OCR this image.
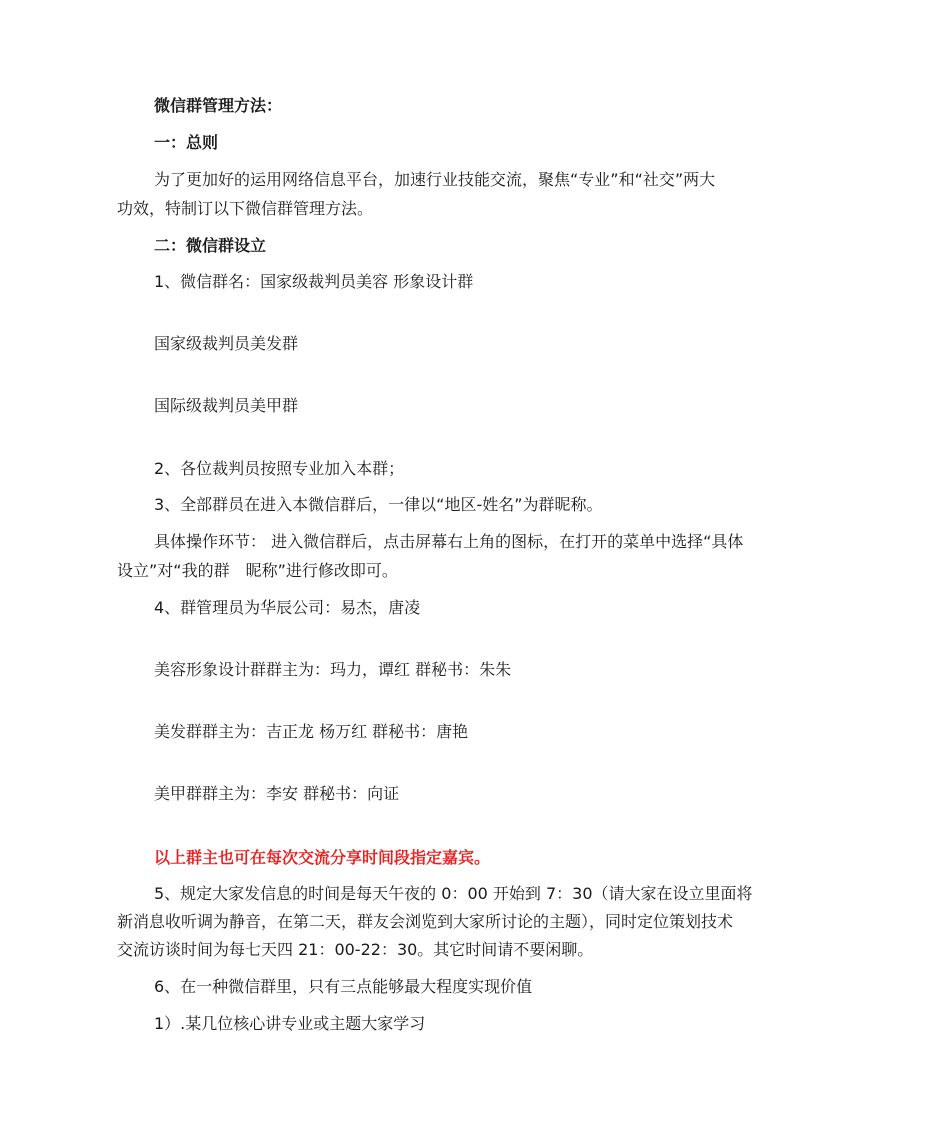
微信群管理方法：
一：总则
为了更加好的运用网络信息平台，加速行业技能交流，聚焦“专业”和“社交”两大
功效，特制订以下微信群管理方法。
二：微信群设立
1、微信群名：国家级裁判员美容 形象设计群
国家级裁判员美发群
国际级裁判员美甲群
2、各位裁判员按照专业加入本群；
3、全部群员在进入本微信群后，一律以“地区-姓名”为群昵称。
具体操作环节： 进入微信群后，点击屏幕右上角的图标，在打开的菜单中选择“具体
设立”对“我的群　昵称”进行修改即可。
4、群管理员为华辰公司：易杰，唐凌
美容形象设计群群主为：玛力，谭红 群秘书：朱朱
美发群群主为：吉正龙 杨万红 群秘书：唐艳
美甲群群主为：李安 群秘书：向证
以上群主也可在每次交流分享时间段指定嘉宾。
5、规定大家发信息的时间是每天午夜的 0：00 开始到 7：30（请大家在设立里面将
新消息收听调为静音，在第二天，群友会浏览到大家所讨论的主题），同时定位策划技术
交流访谈时间为每七天四 21：00-22：30。其它时间请不要闲聊。
6、在一种微信群里，只有三点能够最大程度实现价值
1）.某几位核心讲专业或主题大家学习
